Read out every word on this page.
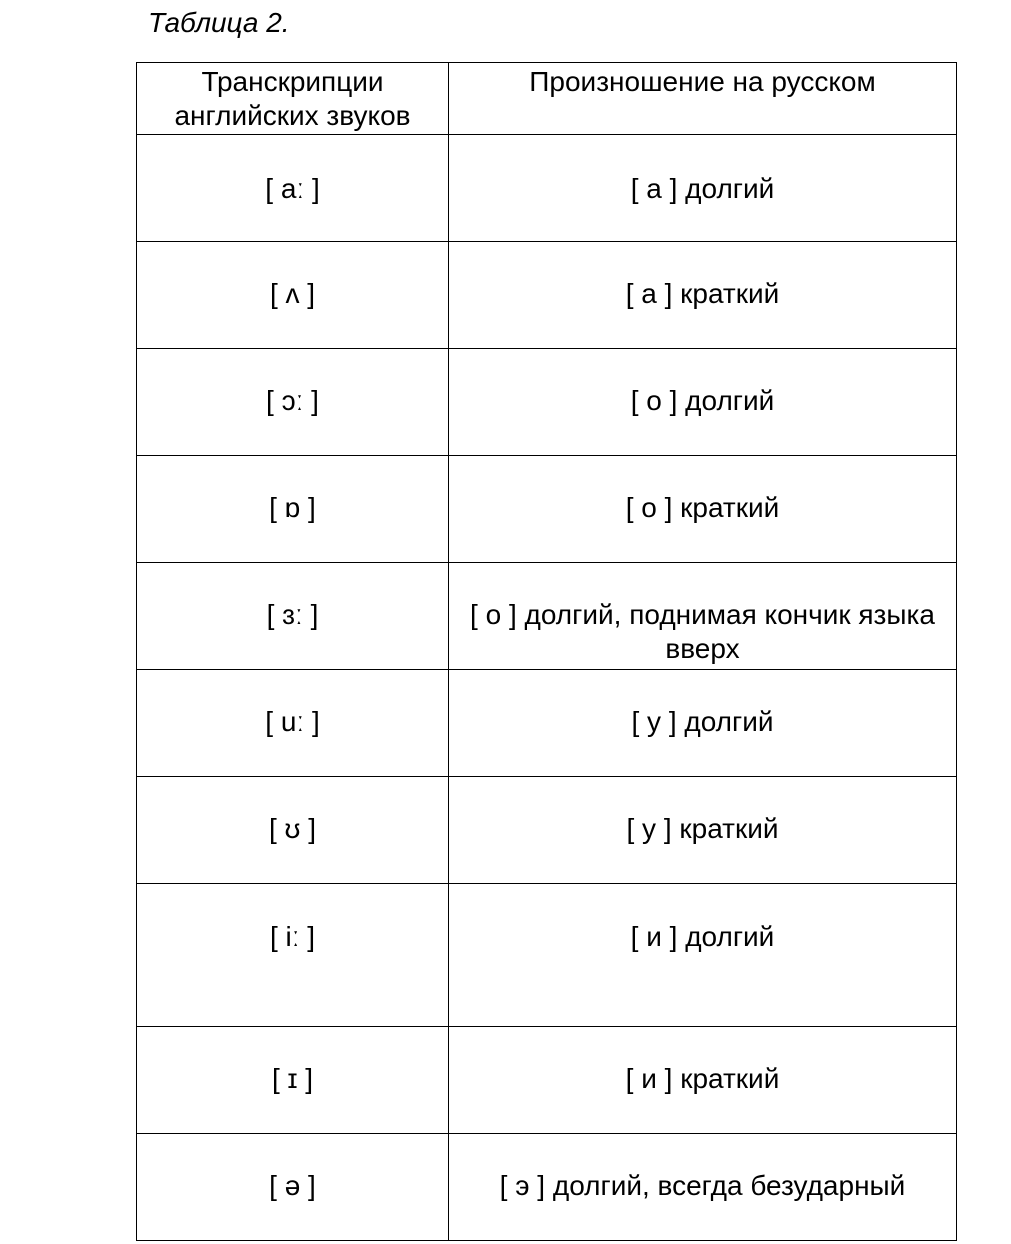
Таблица 2.
Транскрипции английских звуков	Произношение на русском
[ aː ]	[ а ] долгий
[ ʌ ]	[ а ] краткий
[ ɔː ]	[ о ] долгий
[ ɒ ]	[ о ] краткий
[ ɜː ]	[ о ] долгий, поднимая кончик языка вверх
[ uː ]	[ у ] долгий
[ ʊ ]	[ у ] краткий
[ iː ]	[ и ] долгий
[ ɪ ]	[ и ] краткий
[ ə ]	[ э ] долгий, всегда безударный
